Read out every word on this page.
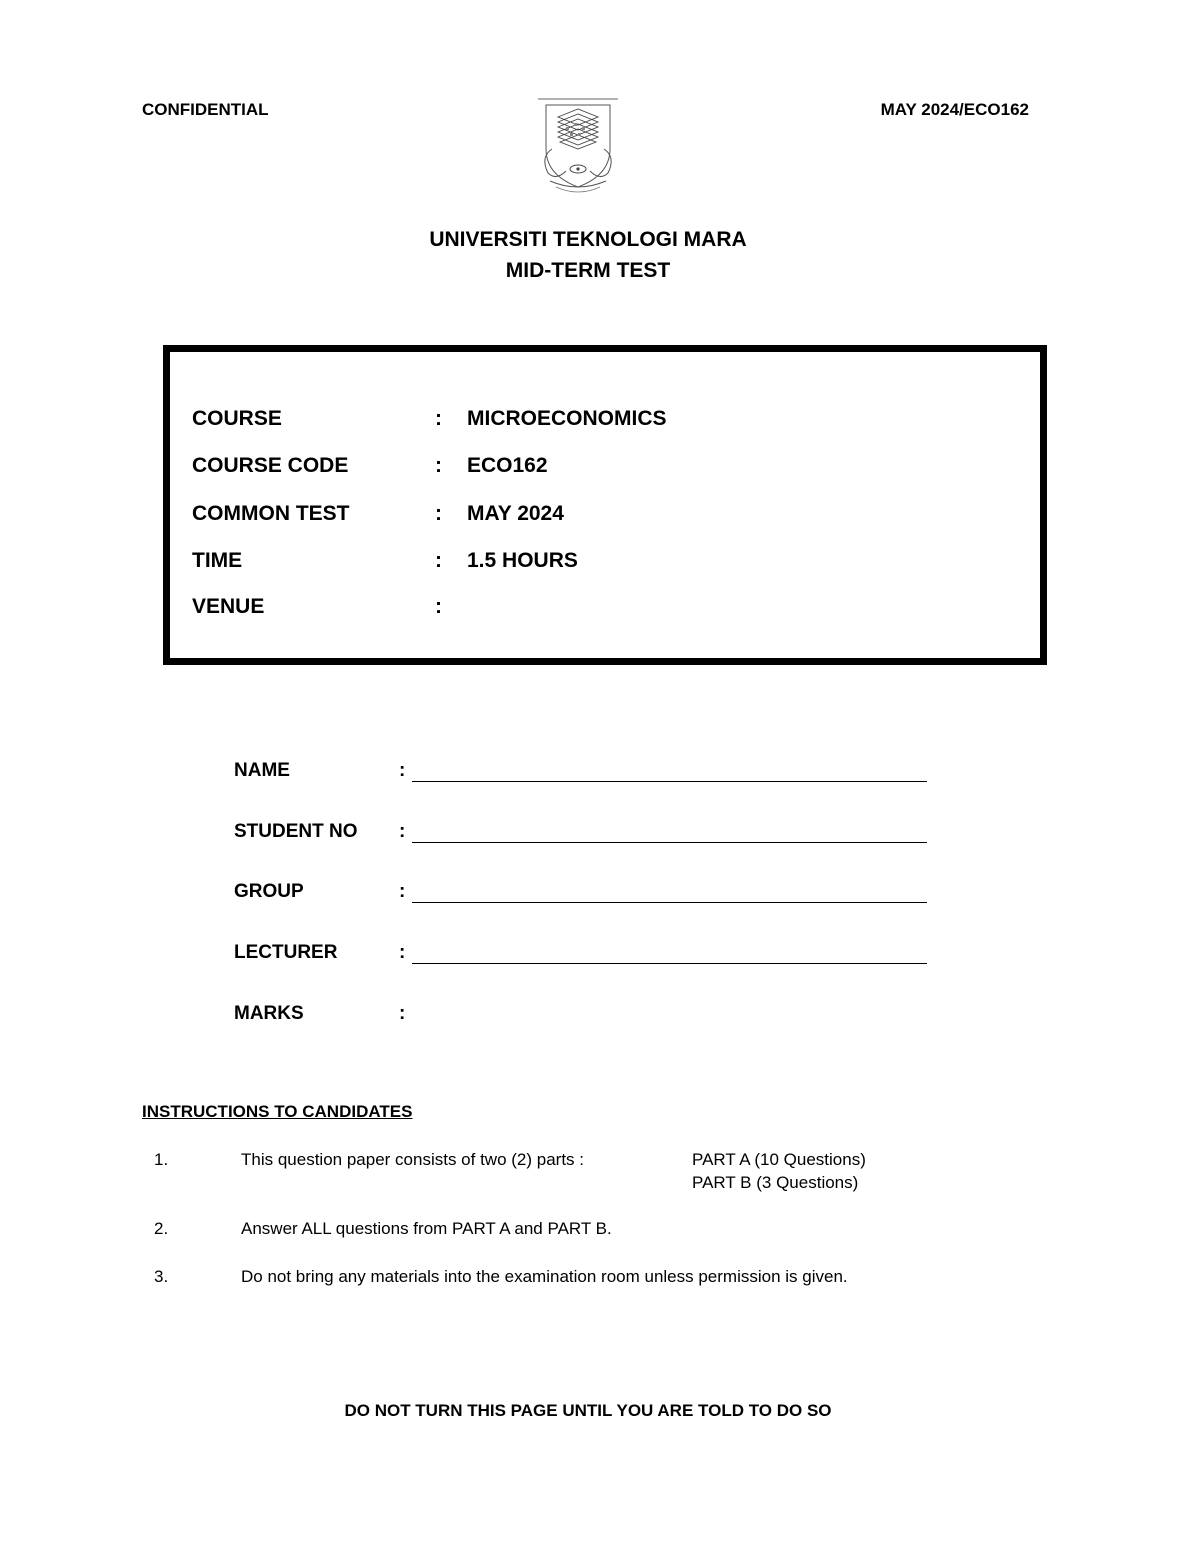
CONFIDENTIAL	MAY 2024/ECO162
UNIVERSITI TEKNOLOGI MARA
MID-TERM TEST
COURSE	: MICROECONOMICS
COURSE CODE	: ECO162
COMMON TEST	: MAY 2024
TIME	: 1.5 HOURS
VENUE	:
NAME	:
STUDENT NO :
GROUP	:
LECTURER	:
MARKS	:
INSTRUCTIONS TO CANDIDATES
1.	This question paper consists of two (2) parts :	PART A (10 Questions)
PART B (3 Questions)
2.	Answer ALL questions from PART A and PART B.
3.	Do not bring any materials into the examination room unless permission is given.
DO NOT TURN THIS PAGE UNTIL YOU ARE TOLD TO DO SO
